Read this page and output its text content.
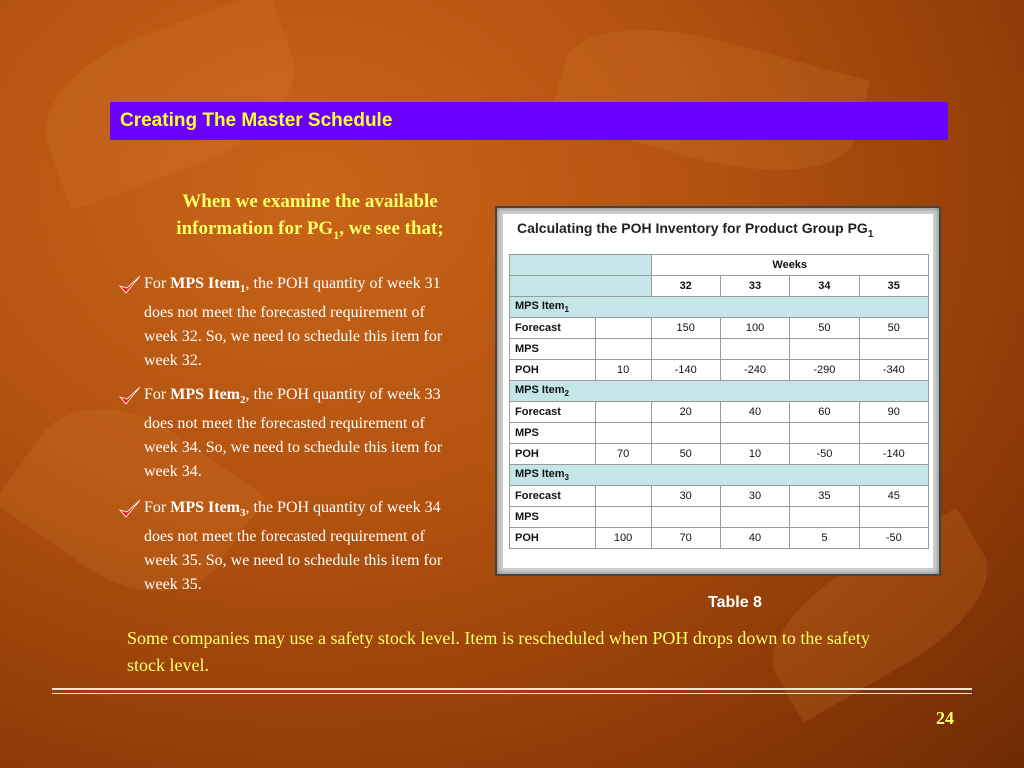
Creating The Master Schedule
When we examine the available
information for $PG_1$, we see that;
For MPS Item$_1$, the POH quantity of week 31 does not meet the forecasted requirement of week 32. So, we need to schedule this item for week 32.
For MPS Item$_2$, the POH quantity of week 33 does not meet the forecasted requirement of week 34. So, we need to schedule this item for week 34.
For MPS Item$_3$, the POH quantity of week 34 does not meet the forecasted requirement of week 35. So, we need to schedule this item for week 35.
Calculating the POH Inventory for Product Group $PG_1$
		Weeks			
		32	33	34	35
MPS Item$_1$
Forecast		150	100	50	50
MPS					
POH	10	-140	-240	-290	-340
MPS Item$_2$
Forecast		20	40	60	90
MPS					
POH	70	50	10	-50	-140
MPS Item$_3$
Forecast		30	30	35	45
MPS					
POH	100	70	40	5	-50
Table 8
Some companies may use a safety stock level. Item is rescheduled when POH drops down to the safety stock level.
24
